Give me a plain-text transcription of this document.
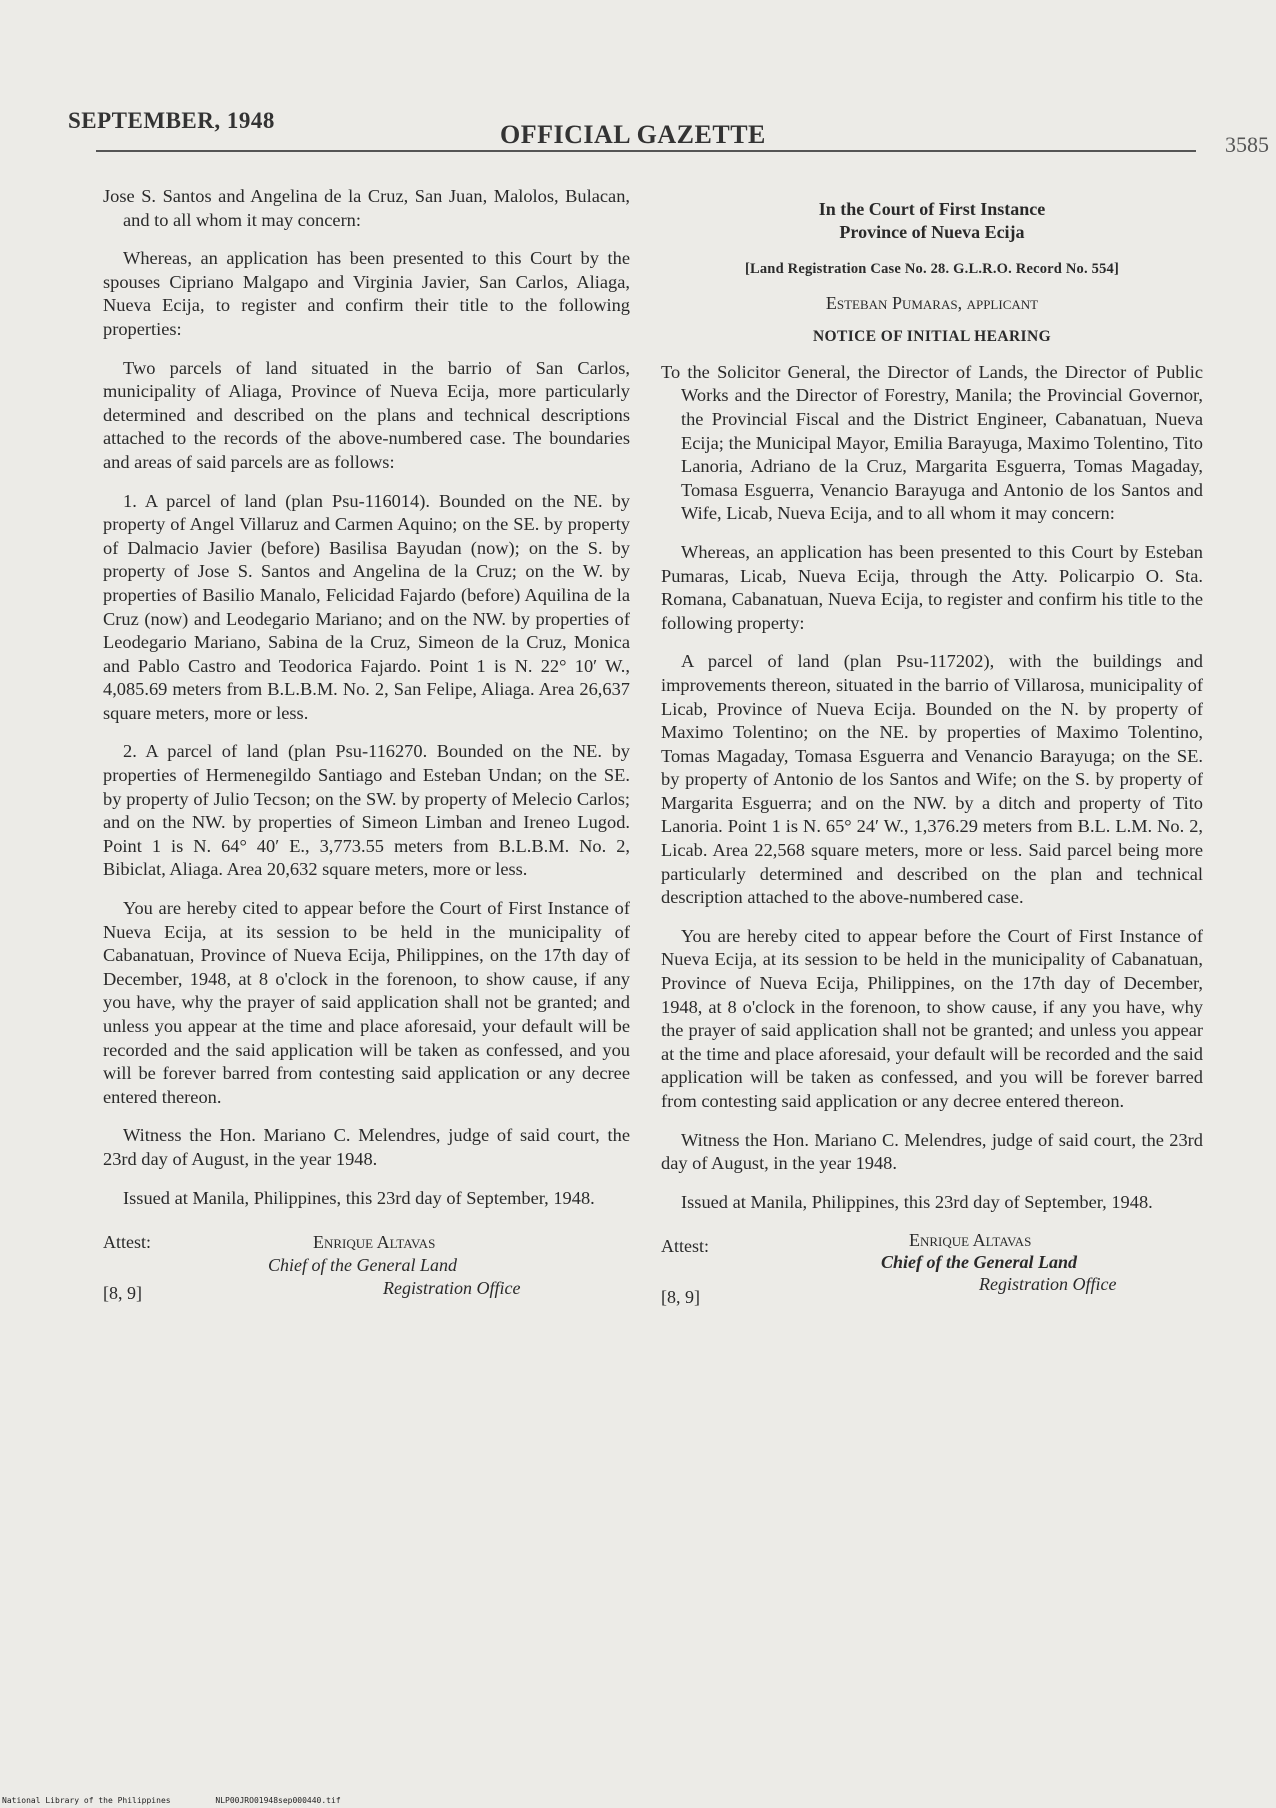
SEPTEMBER, 1948	OFFICIAL GAZETTE	3585

Jose S. Santos and Angelina de la Cruz, San Juan, Malolos, Bulacan, and to all whom it may concern:

Whereas, an application has been presented to this Court by the spouses Cipriano Malgapo and Virginia Javier, San Carlos, Aliaga, Nueva Ecija, to register and confirm their title to the following properties:

Two parcels of land situated in the barrio of San Carlos, municipality of Aliaga, Province of Nueva Ecija, more particularly determined and described on the plans and technical descriptions attached to the records of the above-numbered case. The boundaries and areas of said parcels are as follows:

1. A parcel of land (plan Psu-116014). Bounded on the NE. by property of Angel Villaruz and Carmen Aquino; on the SE. by property of Dalmacio Javier (before) Basilisa Bayudan (now); on the S. by property of Jose S. Santos and Angelina de la Cruz; on the W. by properties of Basilio Manalo, Felicidad Fajardo (before) Aquilina de la Cruz (now) and Leodegario Mariano; and on the NW. by properties of Leodegario Mariano, Sabina de la Cruz, Simeon de la Cruz, Monica and Pablo Castro and Teodorica Fajardo. Point 1 is N. 22° 10′ W., 4,085.69 meters from B.L.B.M. No. 2, San Felipe, Aliaga. Area 26,637 square meters, more or less.

2. A parcel of land (plan Psu-116270. Bounded on the NE. by properties of Hermenegildo Santiago and Esteban Undan; on the SE. by property of Julio Tecson; on the SW. by property of Melecio Carlos; and on the NW. by properties of Simeon Limban and Ireneo Lugod. Point 1 is N. 64° 40′ E., 3,773.55 meters from B.L.B.M. No. 2, Bibiclat, Aliaga. Area 20,632 square meters, more or less.

You are hereby cited to appear before the Court of First Instance of Nueva Ecija, at its session to be held in the municipality of Cabanatuan, Province of Nueva Ecija, Philippines, on the 17th day of December, 1948, at 8 o'clock in the forenoon, to show cause, if any you have, why the prayer of said application shall not be granted; and unless you appear at the time and place aforesaid, your default will be recorded and the said application will be taken as confessed, and you will be forever barred from contesting said application or any decree entered thereon.

Witness the Hon. Mariano C. Melendres, judge of said court, the 23rd day of August, in the year 1948.

Issued at Manila, Philippines, this 23rd day of September, 1948.

Attest:	Enrique Altavas
Chief of the General Land
Registration Office
[8, 9]
In the Court of First Instance
Province of Nueva Ecija
[Land Registration Case No. 28. G.L.R.O. Record No. 554]
Esteban Pumaras, applicant
NOTICE OF INITIAL HEARING

To the Solicitor General, the Director of Lands, the Director of Public Works and the Director of Forestry, Manila; the Provincial Governor, the Provincial Fiscal and the District Engineer, Cabanatuan, Nueva Ecija; the Municipal Mayor, Emilia Barayuga, Maximo Tolentino, Tito Lanoria, Adriano de la Cruz, Margarita Esguerra, Tomas Magaday, Tomasa Esguerra, Venancio Barayuga and Antonio de los Santos and Wife, Licab, Nueva Ecija, and to all whom it may concern:

Whereas, an application has been presented to this Court by Esteban Pumaras, Licab, Nueva Ecija, through the Atty. Policarpio O. Sta. Romana, Cabanatuan, Nueva Ecija, to register and confirm his title to the following property:

A parcel of land (plan Psu-117202), with the buildings and improvements thereon, situated in the barrio of Villarosa, municipality of Licab, Province of Nueva Ecija. Bounded on the N. by property of Maximo Tolentino; on the NE. by properties of Maximo Tolentino, Tomas Magaday, Tomasa Esguerra and Venancio Barayuga; on the SE. by property of Antonio de los Santos and Wife; on the S. by property of Margarita Esguerra; and on the NW. by a ditch and property of Tito Lanoria. Point 1 is N. 65° 24′ W., 1,376.29 meters from B.L. L.M. No. 2, Licab. Area 22,568 square meters, more or less. Said parcel being more particularly determined and described on the plan and technical description attached to the above-numbered case.

You are hereby cited to appear before the Court of First Instance of Nueva Ecija, at its session to be held in the municipality of Cabanatuan, Province of Nueva Ecija, Philippines, on the 17th day of December, 1948, at 8 o'clock in the forenoon, to show cause, if any you have, why the prayer of said application shall not be granted; and unless you appear at the time and place aforesaid, your default will be recorded and the said application will be taken as confessed, and you will be forever barred from contesting said application or any decree entered thereon.

Witness the Hon. Mariano C. Melendres, judge of said court, the 23rd day of August, in the year 1948.

Issued at Manila, Philippines, this 23rd day of September, 1948.

Attest:	Enrique Altavas
Chief of the General Land
Registration Office
[8, 9]
National Library of the Philippines	NLP00JRO01948sep000440.tif
